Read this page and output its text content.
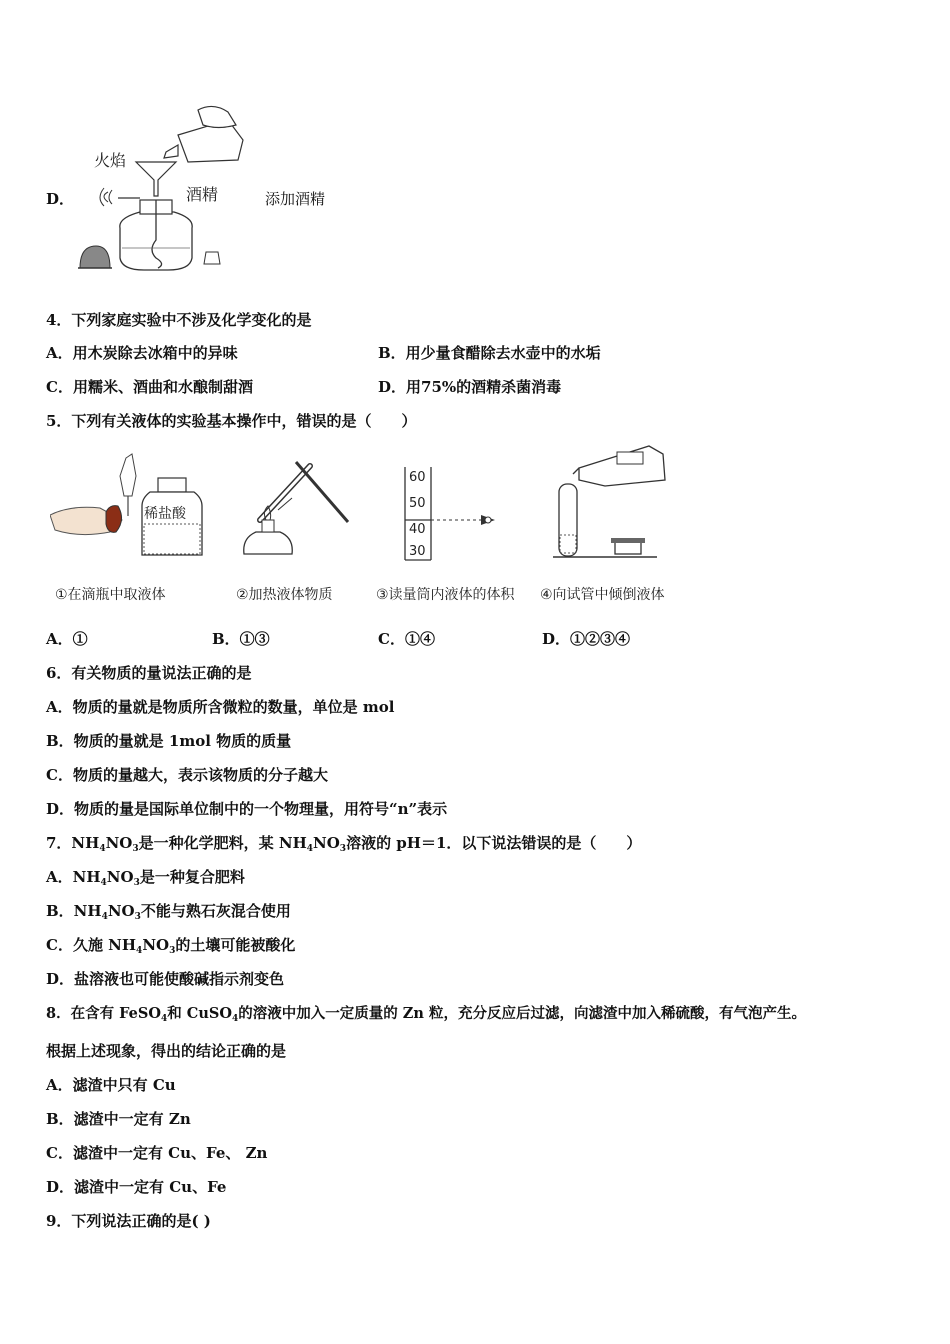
D．
火焰
酒精	添加酒精
4．下列家庭实验中不涉及化学变化的是
A．用木炭除去冰箱中的异味	B．用少量食醋除去水壶中的水垢
C．用糯米、酒曲和水酿制甜酒	D．用75%的酒精杀菌消毒
5．下列有关液体的实验基本操作中，错误的是（　　）
稀盐酸
60
50
40
30
①在滴瓶中取液体	②加热液体物质	③读量筒内液体的体积 ④向试管中倾倒液体
A．①	B．①③	C．①④	D．①②③④
6．有关物质的量说法正确的是
A．物质的量就是物质所含微粒的数量，单位是 mol
B．物质的量就是 1mol 物质的质量
C．物质的量越大，表示该物质的分子越大
D．物质的量是国际单位制中的一个物理量，用符号“n”表示
7．$NH_4NO_3$是一种化学肥料，某 $NH_4NO_3$溶液的 pH＝1．以下说法错误的是（　　）
A．$NH_4NO_3$是一种复合肥料
B．$NH_4NO_3$不能与熟石灰混合使用
C．久施 $NH_4NO_3$的土壤可能被酸化
D．盐溶液也可能使酸碱指示剂变色
8．在含有 FeSO$_4$和 CuSO$_4$的溶液中加入一定质量的 Zn 粒，充分反应后过滤，向滤渣中加入稀硫酸，有气泡产生。
根据上述现象，得出的结论正确的是
A．滤渣中只有 Cu
B．滤渣中一定有 Zn
C．滤渣中一定有 Cu、Fe、 Zn
D．滤渣中一定有 Cu、Fe
9．下列说法正确的是( )
